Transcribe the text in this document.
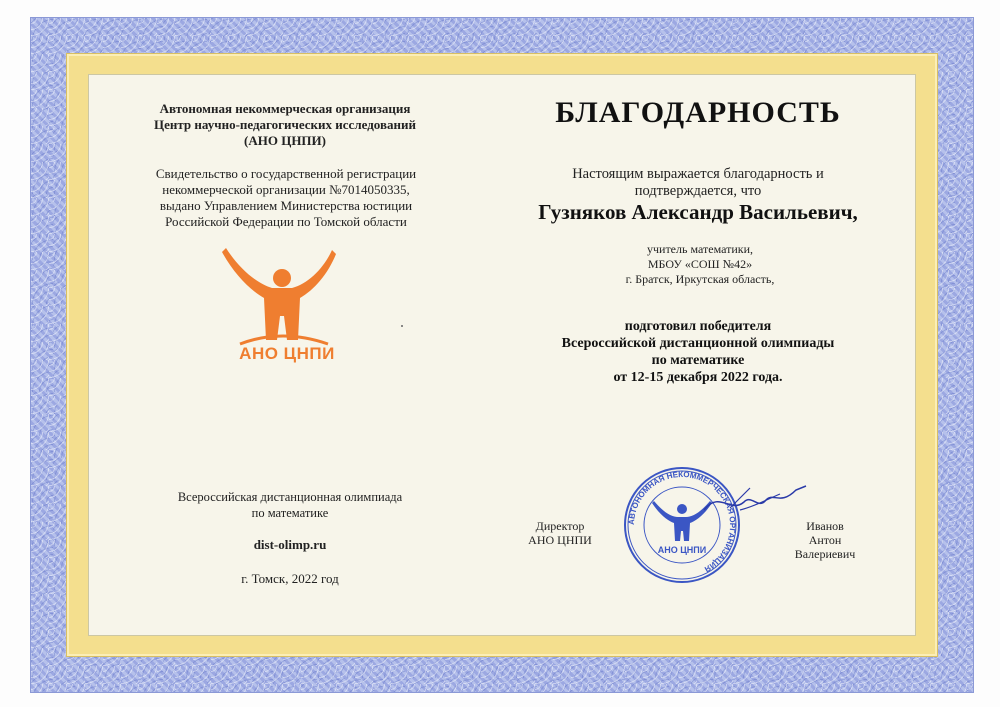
Автономная некоммерческая организация
Центр научно-педагогических исследований
(АНО ЦНПИ)
Свидетельство о государственной регистрации
некоммерческой организации №7014050335,
выдано Управлением Министерства юстиции
Российской Федерации по Томской области
АНО ЦНПИ
Всероссийская дистанционная олимпиада
по математике
dist-olimp.ru
г. Томск, 2022 год
БЛАГОДАРНОСТЬ
Настоящим выражается благодарность и
подтверждается, что
Гузняков Александр Васильевич,
учитель математики,
МБОУ «СОШ №42»
г. Братск, Иркутская область,
подготовил победителя
Всероссийской дистанционной олимпиады
по математике
от 12-15 декабря 2022 года.
Директор
АНО ЦНПИ
АВТОНОМНАЯ НЕКОММЕРЧЕСКАЯ ОРГАНИЗАЦИЯ
АНО ЦНПИ
Иванов
Антон
Валериевич
